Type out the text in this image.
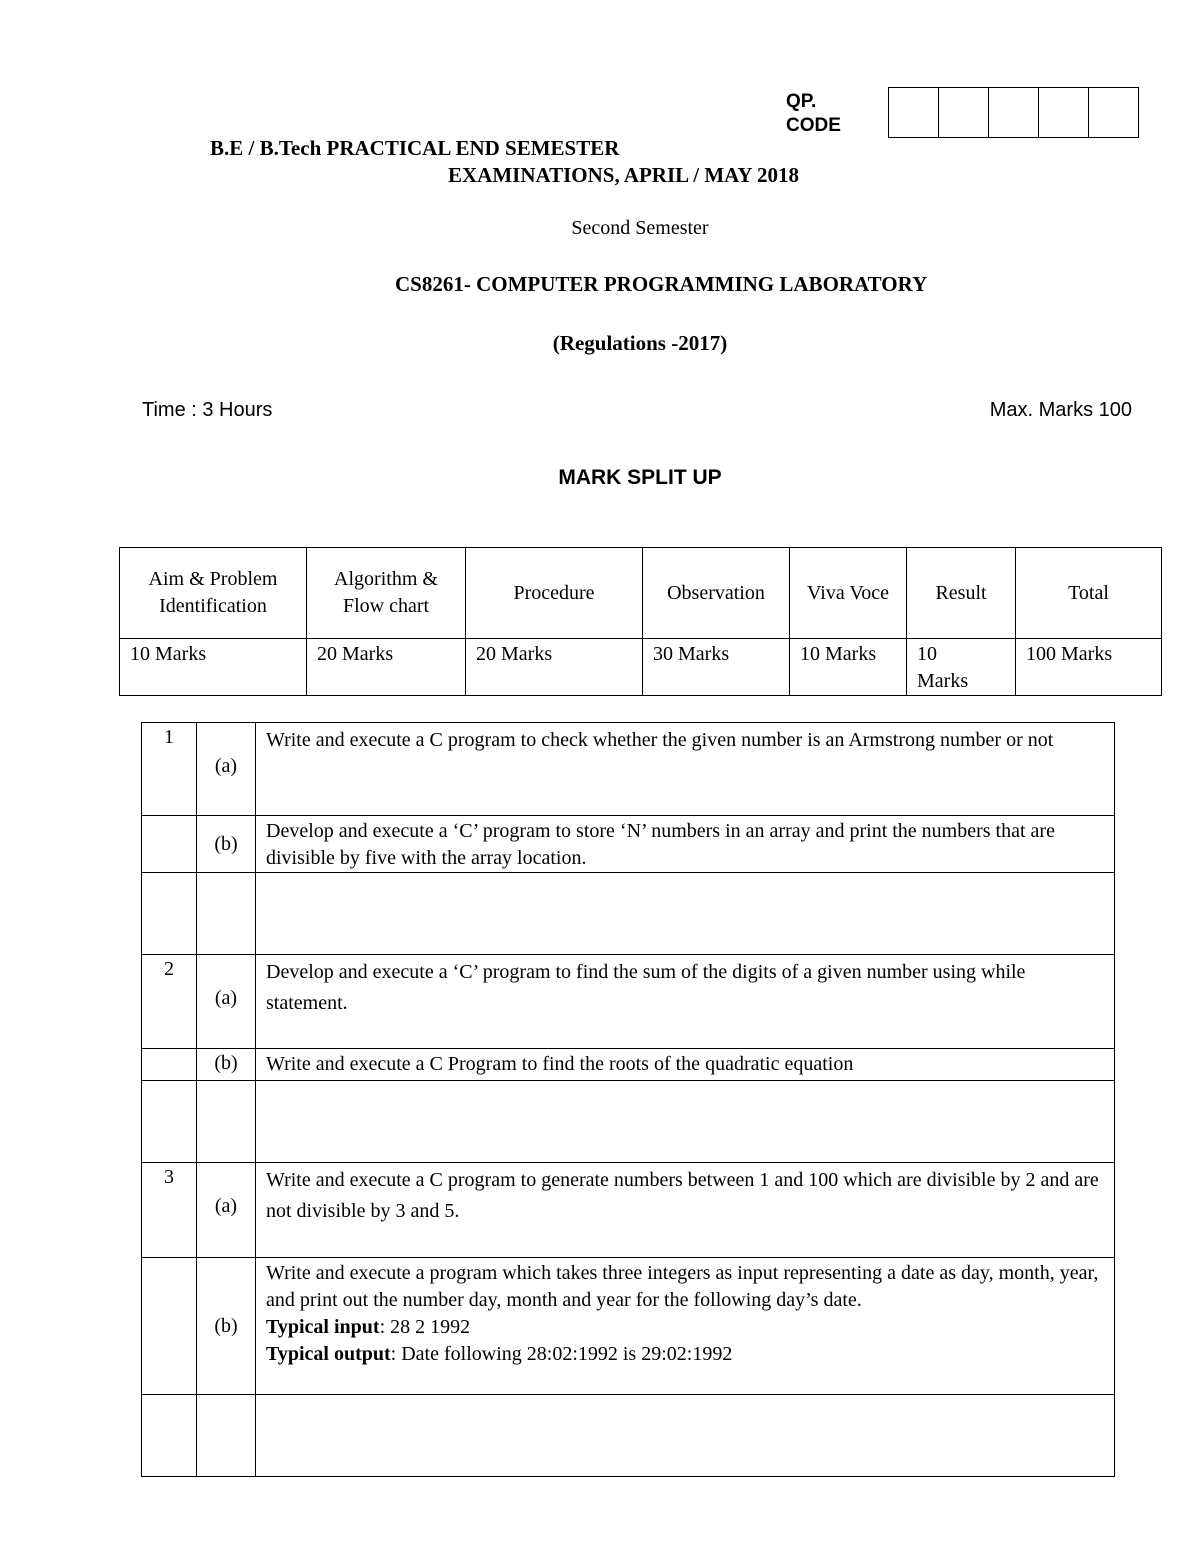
QP. CODE
B.E / B.Tech PRACTICAL END SEMESTER
EXAMINATIONS, APRIL / MAY 2018
Second Semester
CS8261- COMPUTER PROGRAMMING LABORATORY
(Regulations -2017)
Time : 3 Hours	Max. Marks 100
MARK SPLIT UP
Aim & Problem Identification	Algorithm & Flow chart	Procedure	Observation	Viva Voce	Result	Total
10 Marks	20 Marks	20 Marks	30 Marks	10 Marks	10 Marks	100 Marks
1	(a)	Write and execute a C program to check whether the given number is an Armstrong number or not
	(b)	Develop and execute a ‘C’ program to store ‘N’ numbers in an array and print the numbers that are divisible by five with the array location.

2	(a)	Develop and execute a ‘C’ program to find the sum of the digits of a given number using while statement.
	(b)	Write and execute a C Program to find the roots of the quadratic equation

3	(a)	Write and execute a C program to generate numbers between 1 and 100 which are divisible by 2 and are not divisible by 3 and 5.
	(b)	Write and execute a program which takes three integers as input representing a date as day, month, year, and print out the number day, month and year for the following day’s date.
Typical input: 28 2 1992
Typical output: Date following 28:02:1992 is 29:02:1992
